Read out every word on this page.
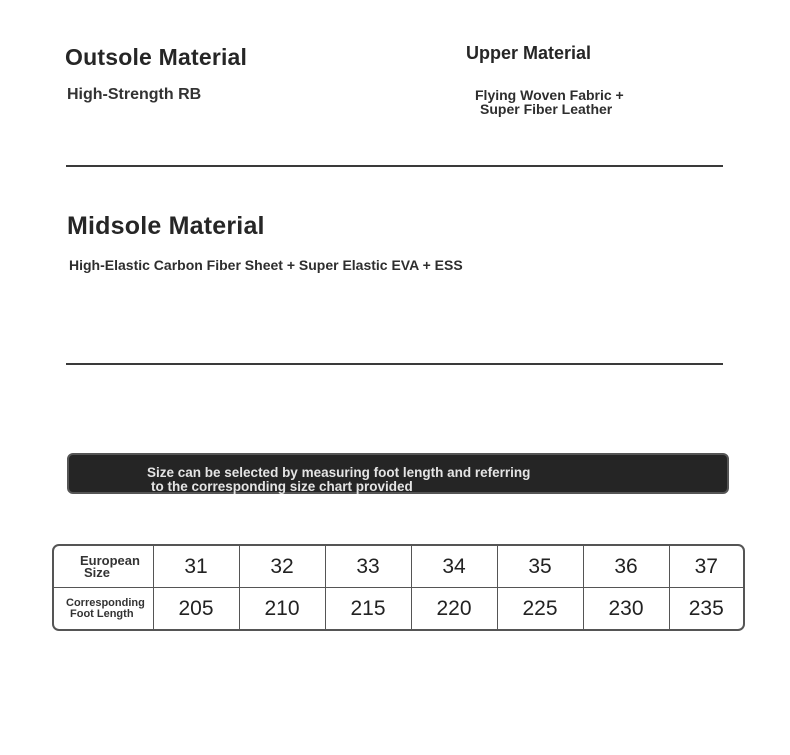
Outsole Material
High-Strength RB
Upper Material
Flying Woven Fabric +
Super Fiber Leather
Midsole Material
High-Elastic Carbon Fiber Sheet + Super Elastic EVA + ESS
Size can be selected by measuring foot length and referring
to the corresponding size chart provided
European
Size	31	32	33	34	35	36	37

Corresponding
Foot Length	205	210	215	220	225	230	235
